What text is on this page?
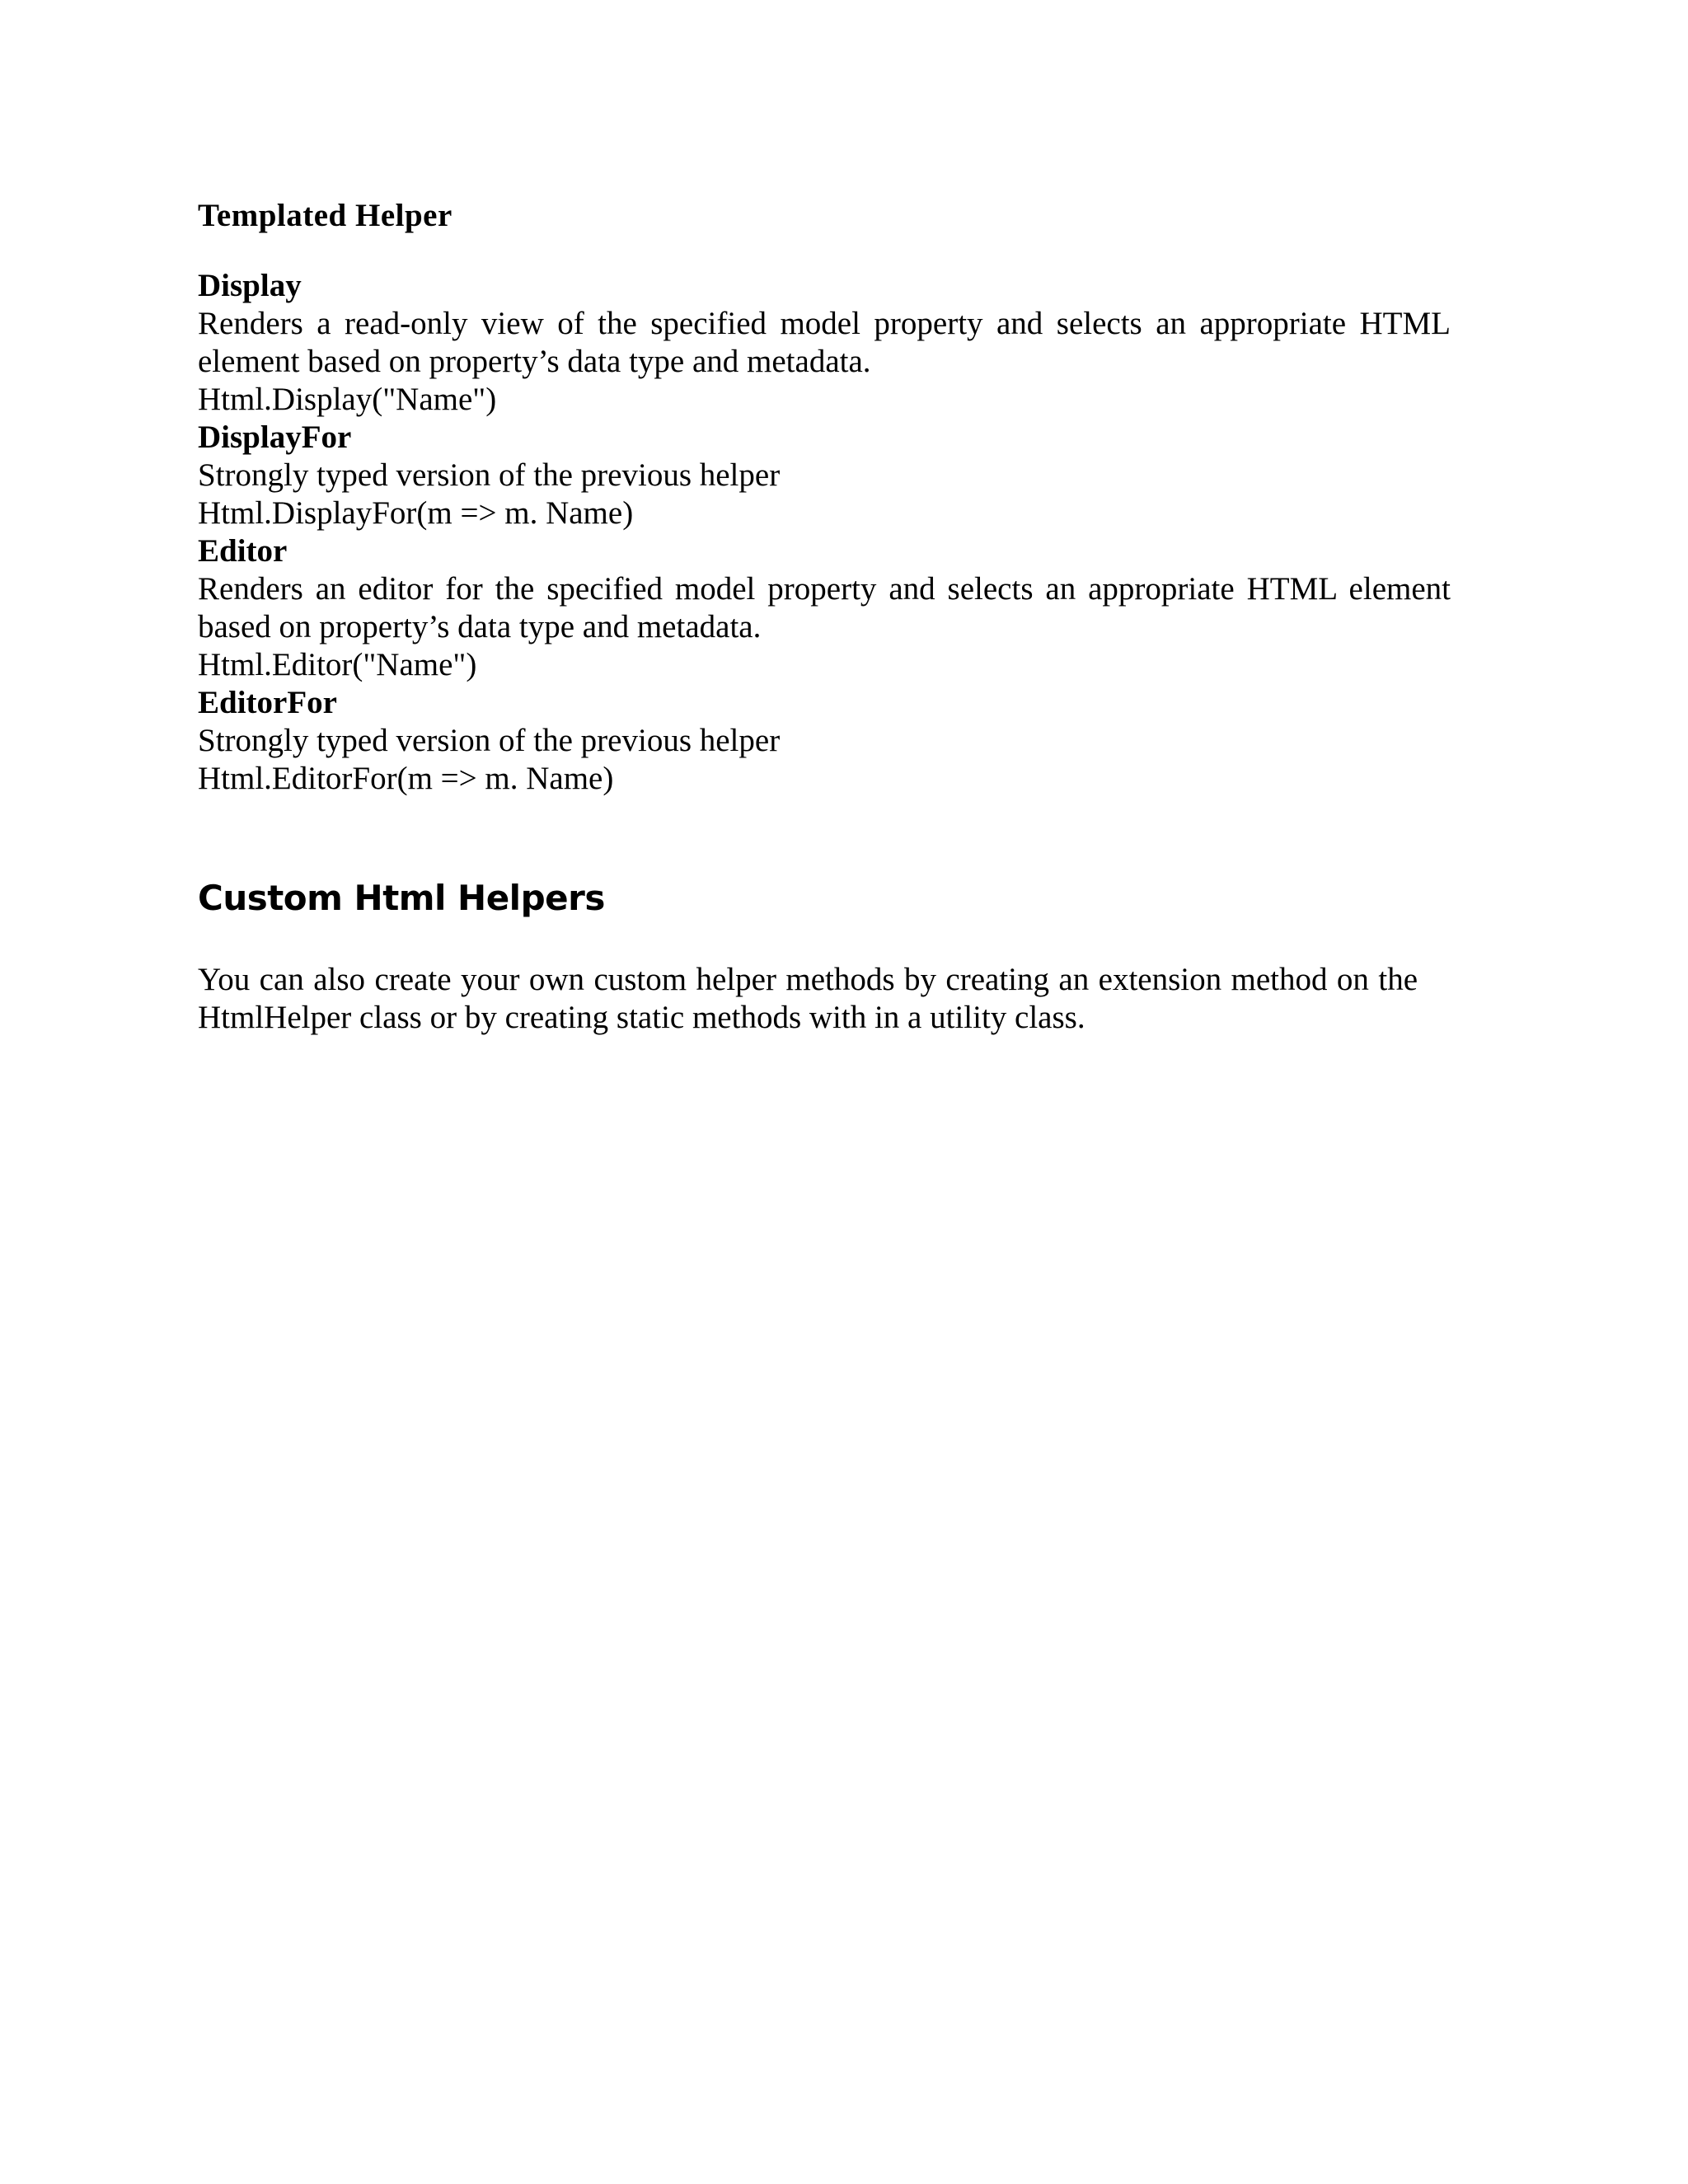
Templated Helper
Display
Renders a read-only view of the specified model property and selects an appropriate HTML element based on property’s data type and metadata.
Html.Display("Name")
DisplayFor
Strongly typed version of the previous helper
Html.DisplayFor(m => m. Name)
Editor
Renders an editor for the specified model property and selects an appropriate HTML element based on property’s data type and metadata.
Html.Editor("Name")
EditorFor
Strongly typed version of the previous helper
Html.EditorFor(m => m. Name)
Custom Html Helpers

You can also create your own custom helper methods by creating an extension method on the HtmlHelper class or by creating static methods with in a utility class.
